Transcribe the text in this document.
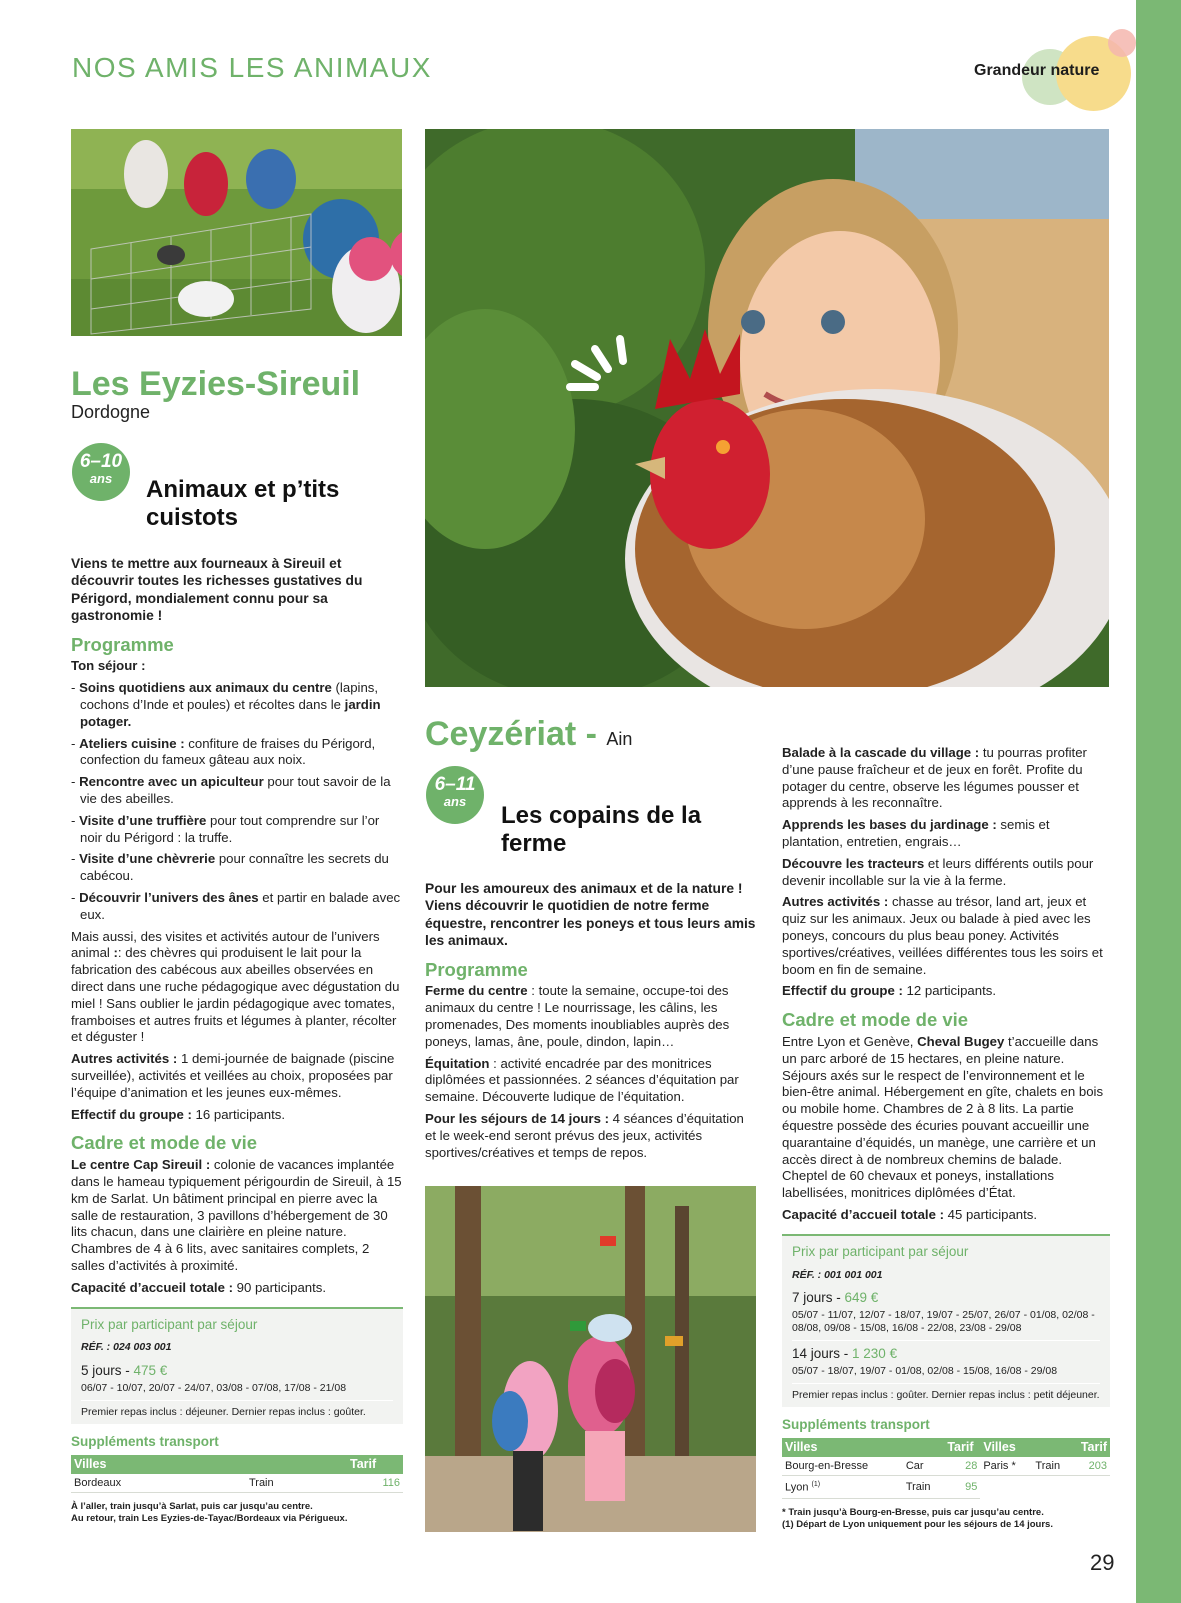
NOS AMIS LES ANIMAUX	Grandeur nature
Les Eyzies-Sireuil

Dordogne

6–10
ans	Animaux et p’tits cuistots

Viens te mettre aux fourneaux à Sireuil et découvrir toutes les richesses gustatives du Périgord, mondialement connu pour sa gastronomie !

Programme

Ton séjour :

- Soins quotidiens aux animaux du centre (lapins, cochons d’Inde et poules) et récoltes dans le jardin potager.
- Ateliers cuisine : confiture de fraises du Périgord, confection du fameux gâteau aux noix.
- Rencontre avec un apiculteur pour tout savoir de la vie des abeilles.
- Visite d’une truffière pour tout comprendre sur l’or noir du Périgord : la truffe.
- Visite d’une chèvrerie pour connaître les secrets du cabécou.
- Découvrir l’univers des ânes et partir en balade avec eux.

Mais aussi, des visites et activités autour de l’univers animal :: des chèvres qui produisent le lait pour la fabrication des cabécous aux abeilles observées en direct dans une ruche pédagogique avec dégustation du miel ! Sans oublier le jardin pédagogique avec tomates, framboises et autres fruits et légumes à planter, récolter et déguster !

Autres activités : 1 demi-journée de baignade (piscine surveillée), activités et veillées au choix, proposées par l’équipe d’animation et les jeunes eux-mêmes.

Effectif du groupe : 16 participants.

Cadre et mode de vie

Le centre Cap Sireuil : colonie de vacances implantée dans le hameau typiquement périgourdin de Sireuil, à 15 km de Sarlat. Un bâtiment principal en pierre avec la salle de restauration, 3 pavillons d’hébergement de 30 lits chacun, dans une clairière en pleine nature. Chambres de 4 à 6 lits, avec sanitaires complets, 2 salles d’activités à proximité.

Capacité d’accueil totale : 90 participants.

Prix par participant par séjour
RÉF. : 024 003 001
5 jours - 475 €
06/07 - 10/07, 20/07 - 24/07, 03/08 - 07/08, 17/08 - 21/08
Premier repas inclus : déjeuner. Dernier repas inclus : goûter.
Suppléments transport
Villes		Tarif
Bordeaux	Train	116
À l’aller, train jusqu’à Sarlat, puis car jusqu’au centre.
Au retour, train Les Eyzies-de-Tayac/Bordeaux via Périgueux.
Ceyzériat - Ain
6–11
ans

Les copains de la ferme

Pour les amoureux des animaux et de la nature ! Viens découvrir le quotidien de notre ferme équestre, rencontrer les poneys et tous leurs amis les animaux.

Programme

Ferme du centre : toute la semaine, occupe-toi des animaux du centre ! Le nourrissage, les câlins, les promenades, Des moments inoubliables auprès des poneys, lamas, âne, poule, dindon, lapin…

Équitation : activité encadrée par des monitrices diplômées et passionnées. 2 séances d’équitation par semaine. Découverte ludique de l’équitation.

Pour les séjours de 14 jours : 4 séances d’équitation et le week-end seront prévus des jeux, activités sportives/créatives et temps de repos.

Balade à la cascade du village : tu pourras profiter d’une pause fraîcheur et de jeux en forêt. Profite du potager du centre, observe les légumes pousser et apprends à les reconnaître.

Apprends les bases du jardinage : semis et plantation, entretien, engrais…

Découvre les tracteurs et leurs différents outils pour devenir incollable sur la vie à la ferme.

Autres activités : chasse au trésor, land art, jeux et quiz sur les animaux. Jeux ou balade à pied avec les poneys, concours du plus beau poney. Activités sportives/créatives, veillées différentes tous les soirs et boom en fin de semaine.

Effectif du groupe : 12 participants.

Cadre et mode de vie

Entre Lyon et Genève, Cheval Bugey t’accueille dans un parc arboré de 15 hectares, en pleine nature. Séjours axés sur le respect de l’environnement et le bien-être animal. Hébergement en gîte, chalets en bois ou mobile home. Chambres de 2 à 8 lits. La partie équestre possède des écuries pouvant accueillir une quarantaine d’équidés, un manège, une carrière et un accès direct à de nombreux chemins de balade. Cheptel de 60 chevaux et poneys, installations labellisées, monitrices diplômées d’État.

Capacité d’accueil totale : 45 participants.

Prix par participant par séjour
RÉF. : 001 001 001
7 jours - 649 €
05/07 - 11/07, 12/07 - 18/07, 19/07 - 25/07, 26/07 - 01/08, 02/08 - 08/08, 09/08 - 15/08, 16/08 - 22/08, 23/08 - 29/08
14 jours - 1 230 €
05/07 - 18/07, 19/07 - 01/08, 02/08 - 15/08, 16/08 - 29/08
Premier repas inclus : goûter. Dernier repas inclus : petit déjeuner.
Suppléments transport
Villes		Tarif	Villes		Tarif
Bourg-en-Bresse	Car	28	Paris *	Train	203
Lyon $^{(1)}$	Train	95			
* Train jusqu’à Bourg-en-Bresse, puis car jusqu’au centre.
(1) Départ de Lyon uniquement pour les séjours de 14 jours.
29
